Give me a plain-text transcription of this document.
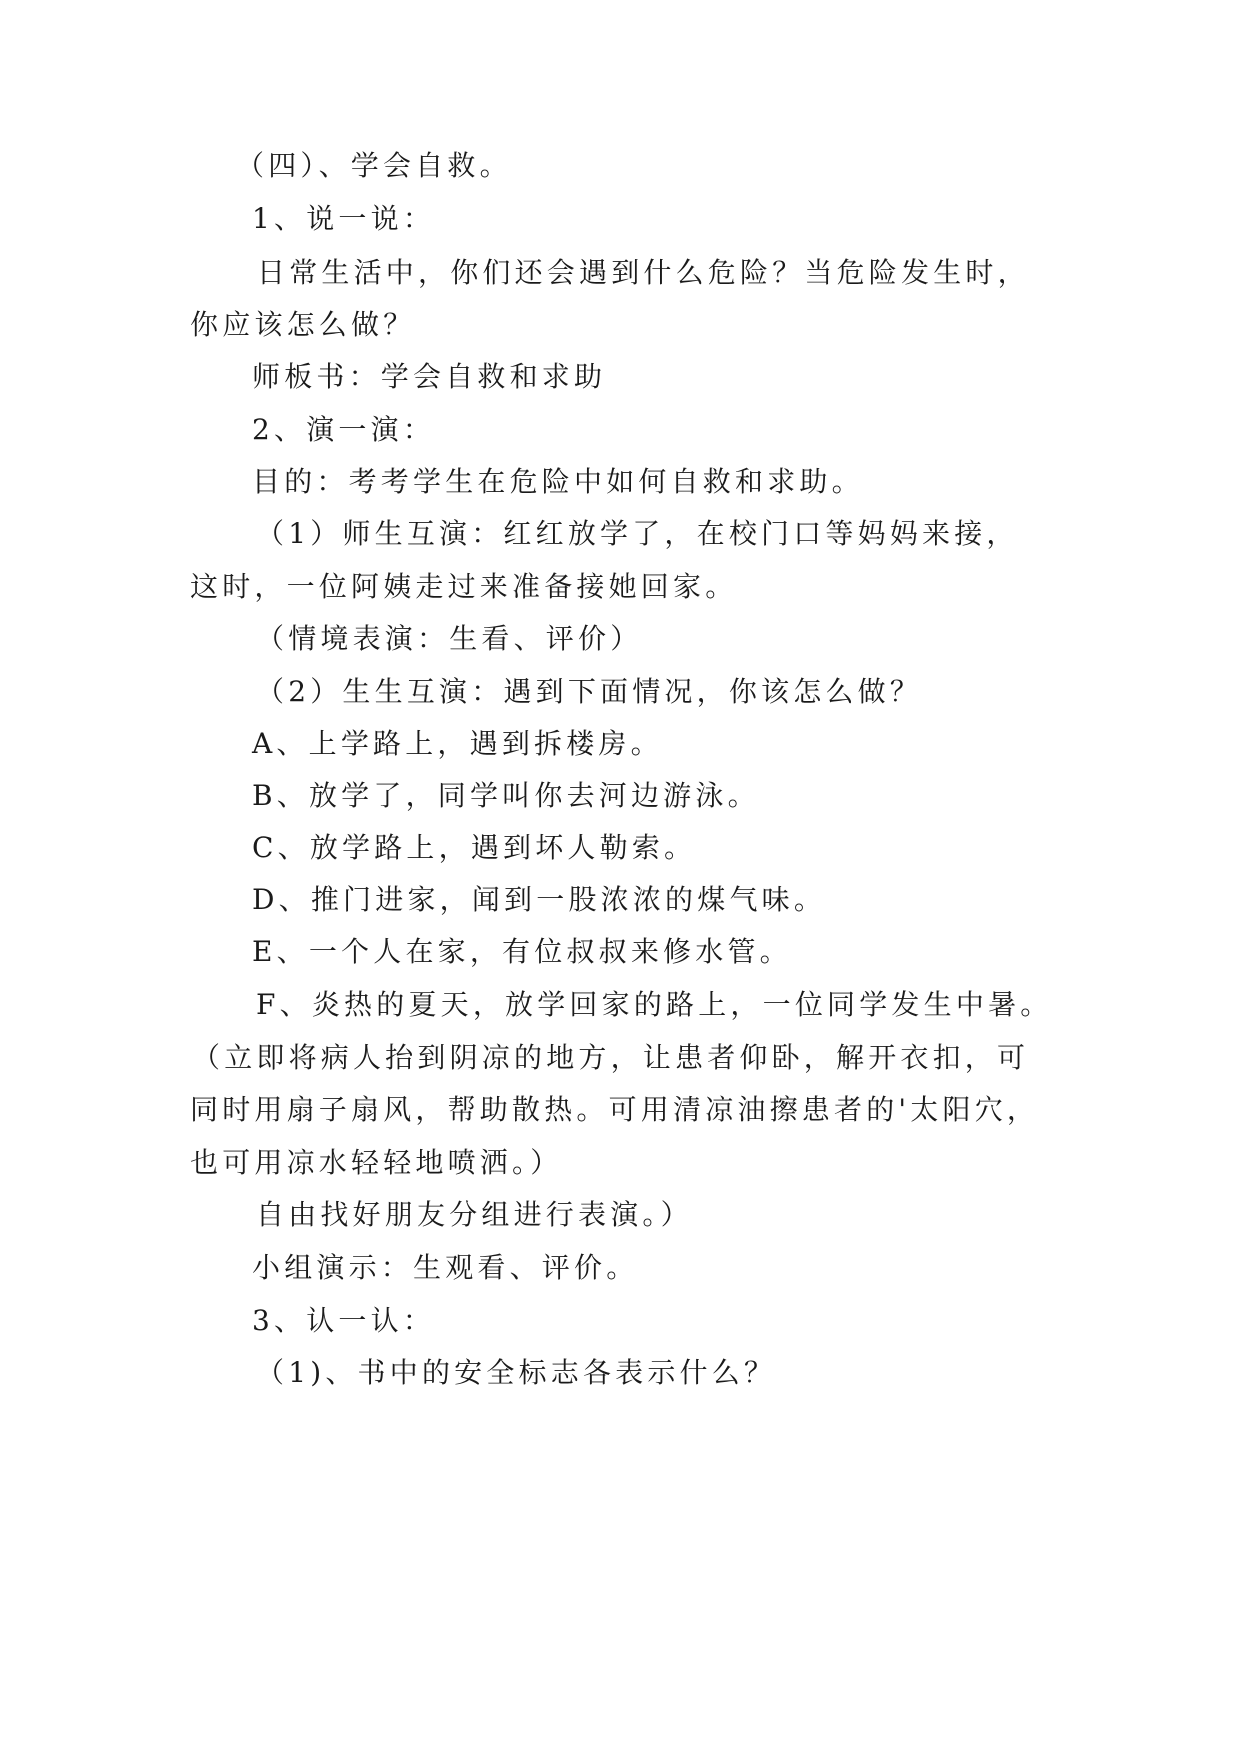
（四）、学会自救。
1、说一说：
日常生活中，你们还会遇到什么危险？当危险发生时，
你应该怎么做？
师板书：学会自救和求助
2、演一演：
目的：考考学生在危险中如何自救和求助。
（1）师生互演：红红放学了，在校门口等妈妈来接，
这时，一位阿姨走过来准备接她回家。
（情境表演：生看、评价）
（2）生生互演：遇到下面情况，你该怎么做？
A、上学路上，遇到拆楼房。
B、放学了，同学叫你去河边游泳。
C、放学路上，遇到坏人勒索。
D、推门进家，闻到一股浓浓的煤气味。
E、一个人在家，有位叔叔来修水管。
F、炎热的夏天，放学回家的路上，一位同学发生中暑。
（立即将病人抬到阴凉的地方，让患者仰卧，解开衣扣，可
同时用扇子扇风，帮助散热。可用清凉油擦患者的'太阳穴，
也可用凉水轻轻地喷洒。）
自由找好朋友分组进行表演。）
小组演示：生观看、评价。
3、认一认：
（1)、书中的安全标志各表示什么？
